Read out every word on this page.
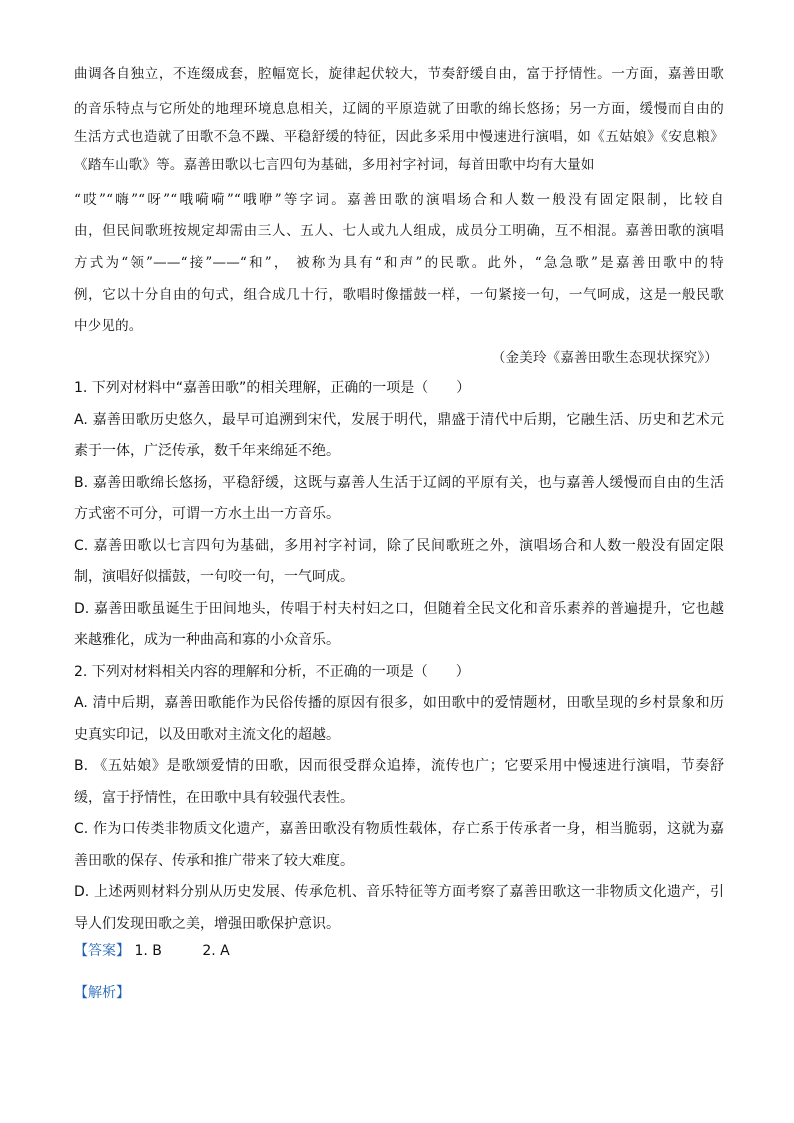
曲调各自独立，不连缀成套，腔幅宽长，旋律起伏较大，节奏舒缓自由，富于抒情性。一方面，嘉善田歌
的音乐特点与它所处的地理环境息息相关，辽阔的平原造就了田歌的绵长悠扬；另一方面，缓慢而自由的
生活方式也造就了田歌不急不躁、平稳舒缓的特征，因此多采用中慢速进行演唱，如《五姑娘》《安息粮》
《踏车山歌》等。嘉善田歌以七言四句为基础，多用衬字衬词，每首田歌中均有大量如
“哎”“嗨”“呀”“哦嗬嗬”“哦咿”等字词。嘉善田歌的演唱场合和人数一般没有固定限制，比较自
由，但民间歌班按规定却需由三人、五人、七人或九人组成，成员分工明确，互不相混。嘉善田歌的演唱
方式为“领”——“接”——“和”， 被称为具有“和声”的民歌。此外，“急急歌”是嘉善田歌中的特
例，它以十分自由的句式，组合成几十行，歌唱时像擂鼓一样，一句紧接一句，一气呵成，这是一般民歌
中少见的。
（金美玲《嘉善田歌生态现状探究》）
1. 下列对材料中“嘉善田歌”的相关理解，正确的一项是（　　）
A. 嘉善田歌历史悠久，最早可追溯到宋代，发展于明代，鼎盛于清代中后期，它融生活、历史和艺术元
素于一体，广泛传承，数千年来绵延不绝。
B. 嘉善田歌绵长悠扬，平稳舒缓，这既与嘉善人生活于辽阔的平原有关，也与嘉善人缓慢而自由的生活
方式密不可分，可谓一方水土出一方音乐。
C. 嘉善田歌以七言四句为基础，多用衬字衬词，除了民间歌班之外，演唱场合和人数一般没有固定限
制，演唱好似擂鼓，一句咬一句，一气呵成。
D. 嘉善田歌虽诞生于田间地头，传唱于村夫村妇之口，但随着全民文化和音乐素养的普遍提升，它也越
来越雅化，成为一种曲高和寡的小众音乐。
2. 下列对材料相关内容的理解和分析，不正确的一项是（　　）
A. 清中后期，嘉善田歌能作为民俗传播的原因有很多，如田歌中的爱情题材，田歌呈现的乡村景象和历
史真实印记，以及田歌对主流文化的超越。
B. 《五姑娘》是歌颂爱情的田歌，因而很受群众追捧，流传也广；它要采用中慢速进行演唱，节奏舒
缓，富于抒情性，在田歌中具有较强代表性。
C. 作为口传类非物质文化遗产，嘉善田歌没有物质性载体，存亡系于传承者一身，相当脆弱，这就为嘉
善田歌的保存、传承和推广带来了较大难度。
D. 上述两则材料分别从历史发展、传承危机、音乐特征等方面考察了嘉善田歌这一非物质文化遗产，引
导人们发现田歌之美，增强田歌保护意识。
【答案】 1. B	2. A
【解析】
